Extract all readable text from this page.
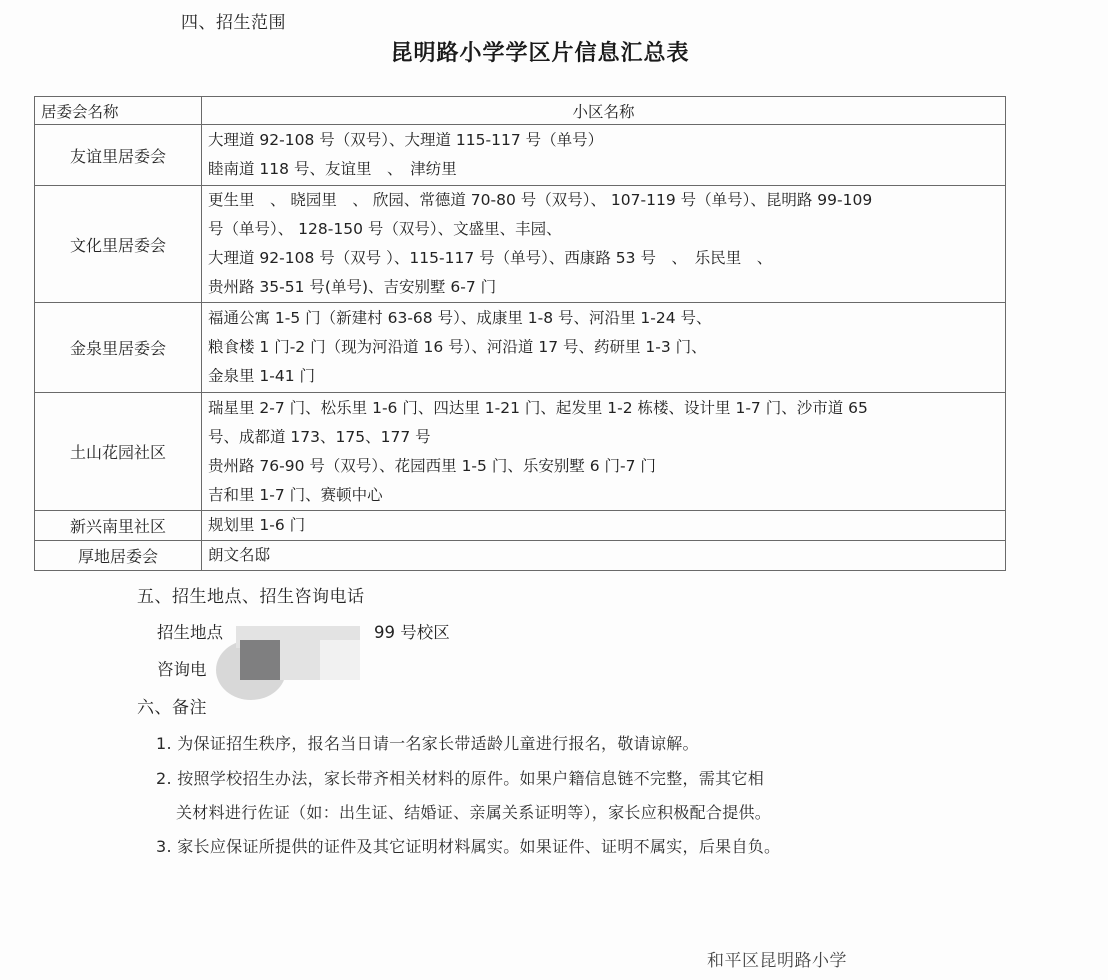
四、招生范围
昆明路小学学区片信息汇总表
居委会名称	小区名称
友谊里居委会	大理道 92-108 号（双号）、大理道 115-117 号（单号）
睦南道 118 号、友谊里　、　津纺里

文化里居委会	更生里　、 晓园里　、 欣园、常德道 70-80 号（双号）、 107-119 号（单号）、昆明路 99-109
号（单号）、 128-150 号（双号）、文盛里、丰园、
大理道 92-108 号（双号 ）、115-117 号（单号）、西康路 53 号　、　乐民里　、
贵州路 35-51 号(单号)、吉安别墅 6-7 门

金泉里居委会	福通公寓 1-5 门（新建村 63-68 号）、成康里 1-8 号、河沿里 1-24 号、
粮食楼 1 门-2 门（现为河沿道 16 号）、河沿道 17 号、药研里 1-3 门、
金泉里 1-41 门

土山花园社区	瑞星里 2-7 门、松乐里 1-6 门、四达里 1-21 门、起发里 1-2 栋楼、设计里 1-7 门、沙市道 65
号、成都道 173、175、177 号
贵州路 76-90 号（双号）、花园西里 1-5 门、乐安别墅 6 门-7 门
吉和里 1-7 门、赛顿中心

新兴南里社区	规划里 1-6 门

厚地居委会	朗文名邸
五、招生地点、招生咨询电话
招生地点	99 号校区
咨询电
六、备注
1. 为保证招生秩序，报名当日请一名家长带适龄儿童进行报名，敬请谅解。
2. 按照学校招生办法，家长带齐相关材料的原件。如果户籍信息链不完整，需其它相
关材料进行佐证（如：出生证、结婚证、亲属关系证明等），家长应积极配合提供。
3. 家长应保证所提供的证件及其它证明材料属实。如果证件、证明不属实，后果自负。
和平区昆明路小学
